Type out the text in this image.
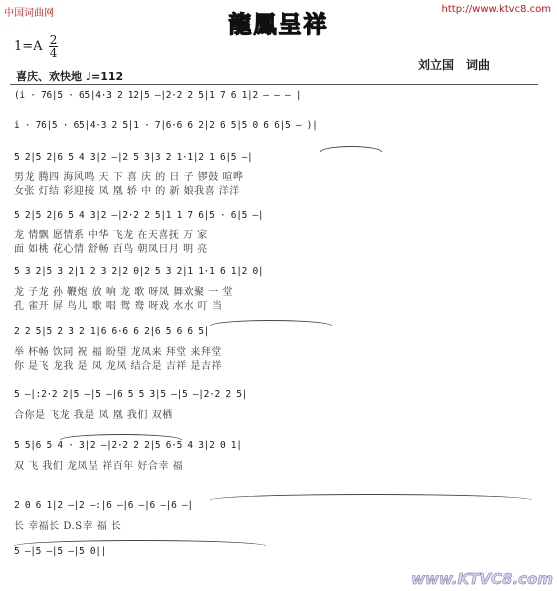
中国词曲网	http://www.ktvc8.com
龍鳳呈祥
$1=A \frac{2}{4}$
刘立国　词曲
喜庆、欢快地 ♩=112
(i · 76|5 · 65|4·3 2 12|5 —|2·2 2 5|1 7 6 1|2 — — — |
i · 76|5 · 65|4·3 2 5|1 · 7|6·6 6 2|2 6 5|5 0 6 6|5 — )|
5 2|5 2|6 5 4 3|2 —|2 5 3|3 2 1·1|2 1 6|5 —|
男龙 腾四 海风鸣 天 下 喜 庆 的 日 子 锣鼓 喧哗
女张 灯结 彩迎接 凤 凰 轿 中 的 新 娘我喜 洋洋
5 2|5 2|6 5 4 3|2 —|2·2 2 5|1 1 7 6|5 · 6|5 —|
龙 情飘 愿情系 中华 飞龙 在天喜抚 万 家
面 如桃 花心情 舒畅 百鸟 朝凤日月 明 亮
5 3 2|5 3 2|1 2 3 2|2 0|2 5 3 2|1 1·1 6 1|2 0|
龙 子龙 孙 鞭炮 放 响 龙 歌 呀凤 舞欢聚 一 堂
孔 雀开 屏 鸟儿 歌 唱 鸳 鸯 呀戏 水水 叮 当
2 2 5|5 2 3 2 1|6 6·6 6 2|6 5 6 6 5|
举 杯畅 饮同 祝 福 盼望 龙凤来 拜堂 来拜堂
你 是飞 龙我 是 凤 龙凤 结合是 吉祥 是吉祥
5 —|:2·2 2|5 —|5 —|6 5 5 3|5 —|5 —|2·2 2 5|
合你是 飞龙 我是 凤 凰 我们 双栖
5 5|6 5 4 · 3|2 —|2·2 2 2|5 6·5 4 3|2 0 1|
双 飞 我们 龙凤呈 祥百年 好合幸 福
2 0 6 1|2 —|2 —:|6 —|6 —|6 —|6 —|
长 幸福长 D.S幸 福 长
5 —|5 —|5 —|5 0||
www.KTVC8.com
